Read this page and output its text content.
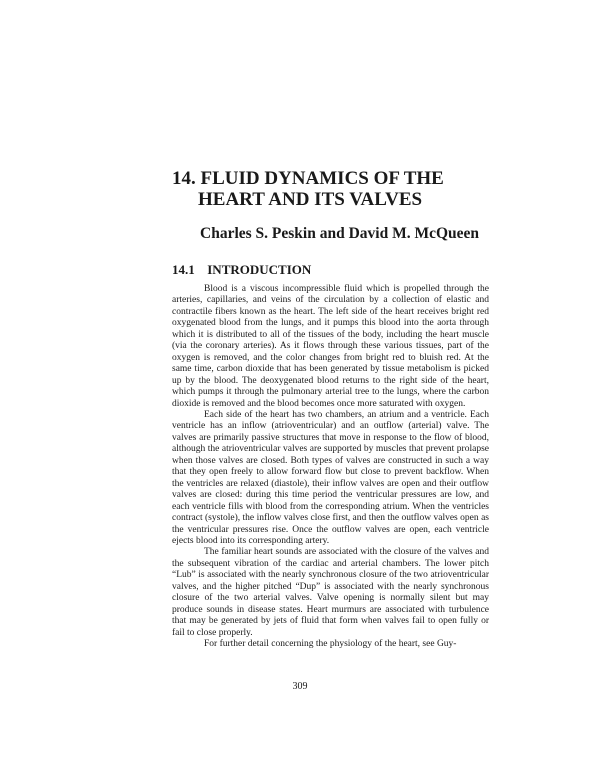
14. FLUID DYNAMICS OF THE
HEART AND ITS VALVES
Charles S. Peskin and David M. McQueen
14.1 INTRODUCTION

Blood is a viscous incompressible fluid which is propelled through the arteries, capillaries, and veins of the circulation by a collection of elastic and contractile fibers known as the heart. The left side of the heart receives bright red oxygenated blood from the lungs, and it pumps this blood into the aorta through which it is distributed to all of the tissues of the body, including the heart muscle (via the coronary arteries). As it flows through these various tissues, part of the oxygen is removed, and the color changes from bright red to bluish red. At the same time, carbon dioxide that has been generated by tissue metabolism is picked up by the blood. The deoxygenated blood returns to the right side of the heart, which pumps it through the pulmonary arterial tree to the lungs, where the carbon dioxide is removed and the blood becomes once more saturated with oxygen.

Each side of the heart has two chambers, an atrium and a ventricle. Each ventricle has an inflow (atrioventricular) and an outflow (arterial) valve. The valves are primarily passive structures that move in response to the flow of blood, although the atrioventricular valves are supported by muscles that prevent prolapse when those valves are closed. Both types of valves are constructed in such a way that they open freely to allow forward flow but close to prevent backflow. When the ventricles are relaxed (diastole), their inflow valves are open and their outflow valves are closed: during this time period the ventricular pressures are low, and each ventricle fills with blood from the corresponding atrium. When the ventricles contract (systole), the inflow valves close first, and then the outflow valves open as the ventricular pressures rise. Once the outflow valves are open, each ventricle ejects blood into its corresponding artery.

The familiar heart sounds are associated with the closure of the valves and the subsequent vibration of the cardiac and arterial chambers. The lower pitch “Lub” is associated with the nearly synchronous closure of the two atrioventricular valves, and the higher pitched “Dup” is associated with the nearly synchronous closure of the two arterial valves. Valve opening is normally silent but may produce sounds in disease states. Heart murmurs are associated with turbulence that may be generated by jets of fluid that form when valves fail to open fully or fail to close properly.

For further detail concerning the physiology of the heart, see Guy-

309
